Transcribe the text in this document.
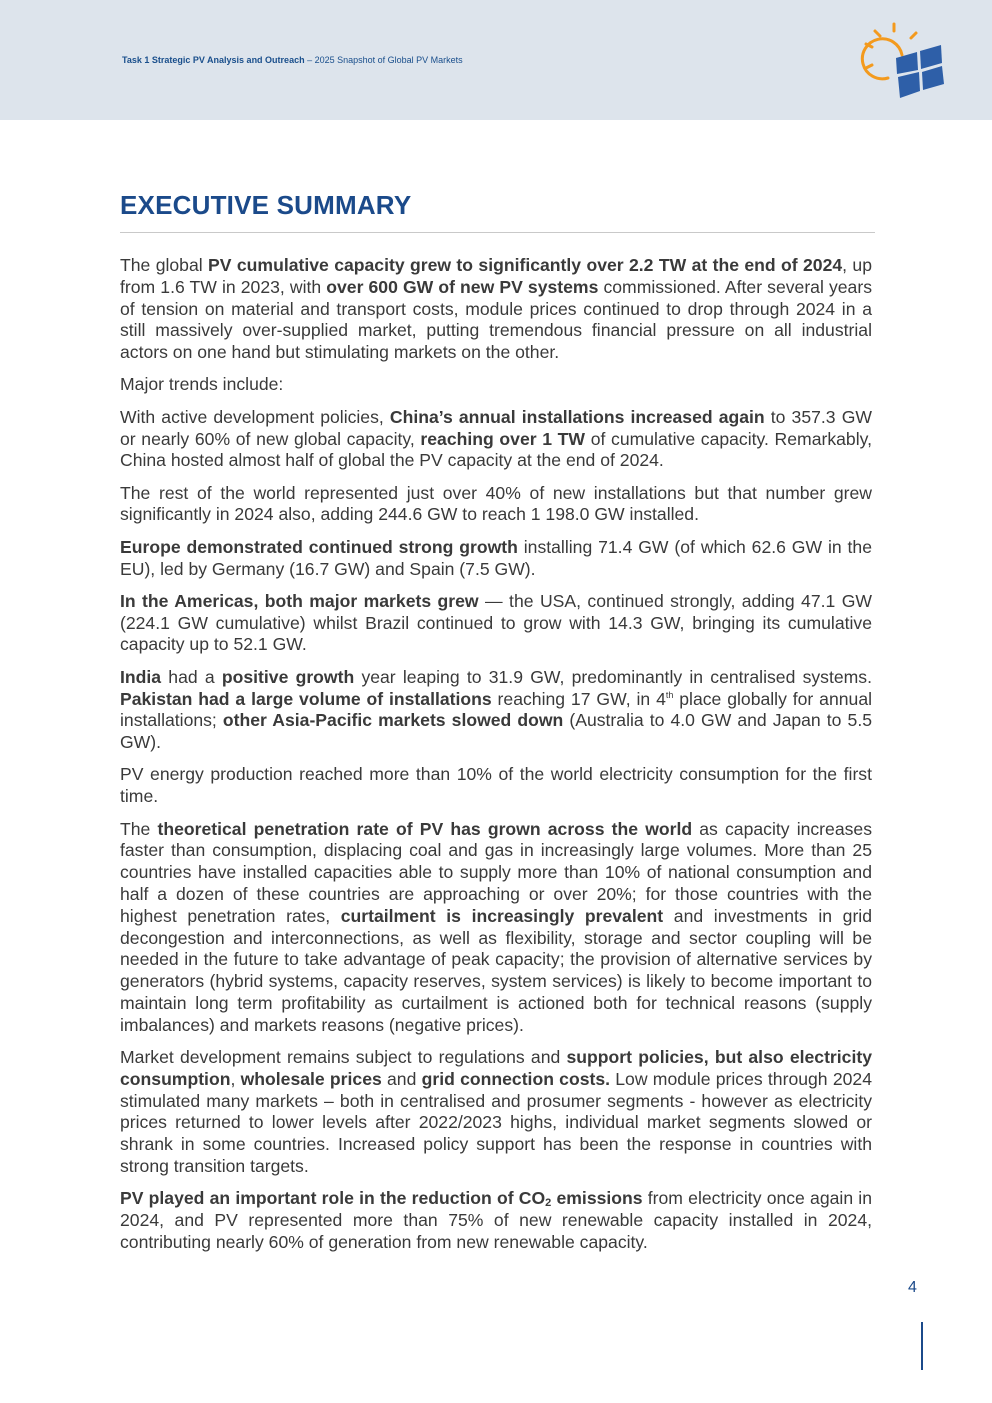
Task 1 Strategic PV Analysis and Outreach – 2025 Snapshot of Global PV Markets
EXECUTIVE SUMMARY

The global PV cumulative capacity grew to significantly over 2.2 TW at the end of 2024, up from 1.6 TW in 2023, with over 600 GW of new PV systems commissioned. After several years of tension on material and transport costs, module prices continued to drop through 2024 in a still massively over-supplied market, putting tremendous financial pressure on all industrial actors on one hand but stimulating markets on the other.

Major trends include:

With active development policies, China’s annual installations increased again to 357.3 GW or nearly 60% of new global capacity, reaching over 1 TW of cumulative capacity. Remarkably, China hosted almost half of global the PV capacity at the end of 2024.

The rest of the world represented just over 40% of new installations but that number grew significantly in 2024 also, adding 244.6 GW to reach 1 198.0 GW installed.

Europe demonstrated continued strong growth installing 71.4 GW (of which 62.6 GW in the EU), led by Germany (16.7 GW) and Spain (7.5 GW).

In the Americas, both major markets grew — the USA, continued strongly, adding 47.1 GW (224.1 GW cumulative) whilst Brazil continued to grow with 14.3 GW, bringing its cumulative capacity up to 52.1 GW.

India had a positive growth year leaping to 31.9 GW, predominantly in centralised systems. Pakistan had a large volume of installations reaching 17 GW, in 4th place globally for annual installations; other Asia-Pacific markets slowed down (Australia to 4.0 GW and Japan to 5.5 GW).

PV energy production reached more than 10% of the world electricity consumption for the first time.

The theoretical penetration rate of PV has grown across the world as capacity increases faster than consumption, displacing coal and gas in increasingly large volumes. More than 25 countries have installed capacities able to supply more than 10% of national consumption and half a dozen of these countries are approaching or over 20%; for those countries with the highest penetration rates, curtailment is increasingly prevalent and investments in grid decongestion and interconnections, as well as flexibility, storage and sector coupling will be needed in the future to take advantage of peak capacity; the provision of alternative services by generators (hybrid systems, capacity reserves, system services) is likely to become important to maintain long term profitability as curtailment is actioned both for technical reasons (supply imbalances) and markets reasons (negative prices).

Market development remains subject to regulations and support policies, but also electricity consumption, wholesale prices and grid connection costs. Low module prices through 2024 stimulated many markets – both in centralised and prosumer segments - however as electricity prices returned to lower levels after 2022/2023 highs, individual market segments slowed or shrank in some countries. Increased policy support has been the response in countries with strong transition targets.

PV played an important role in the reduction of $CO_2$ emissions from electricity once again in 2024, and PV represented more than 75% of new renewable capacity installed in 2024, contributing nearly 60% of generation from new renewable capacity.

4
